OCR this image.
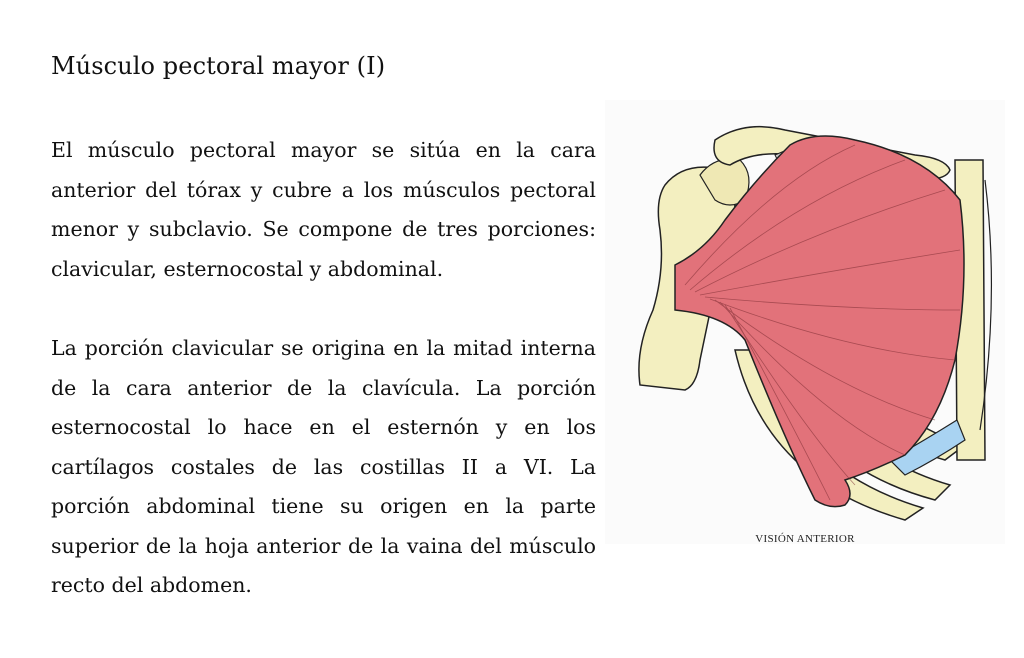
Músculo pectoral mayor (I)

El músculo pectoral mayor se sitúa en la cara anterior del tórax y cubre a los músculos pectoral menor y subclavio. Se compone de tres porciones: clavicular, esternocostal y abdominal.

La porción clavicular se origina en la mitad interna de la cara anterior de la clavícula. La porción esternocostal lo hace en el esternón y en los cartílagos costales de las costillas II a VI. La porción abdominal tiene su origen en la parte superior de la hoja anterior de la vaina del músculo recto del abdomen.

VISIÓN ANTERIOR
